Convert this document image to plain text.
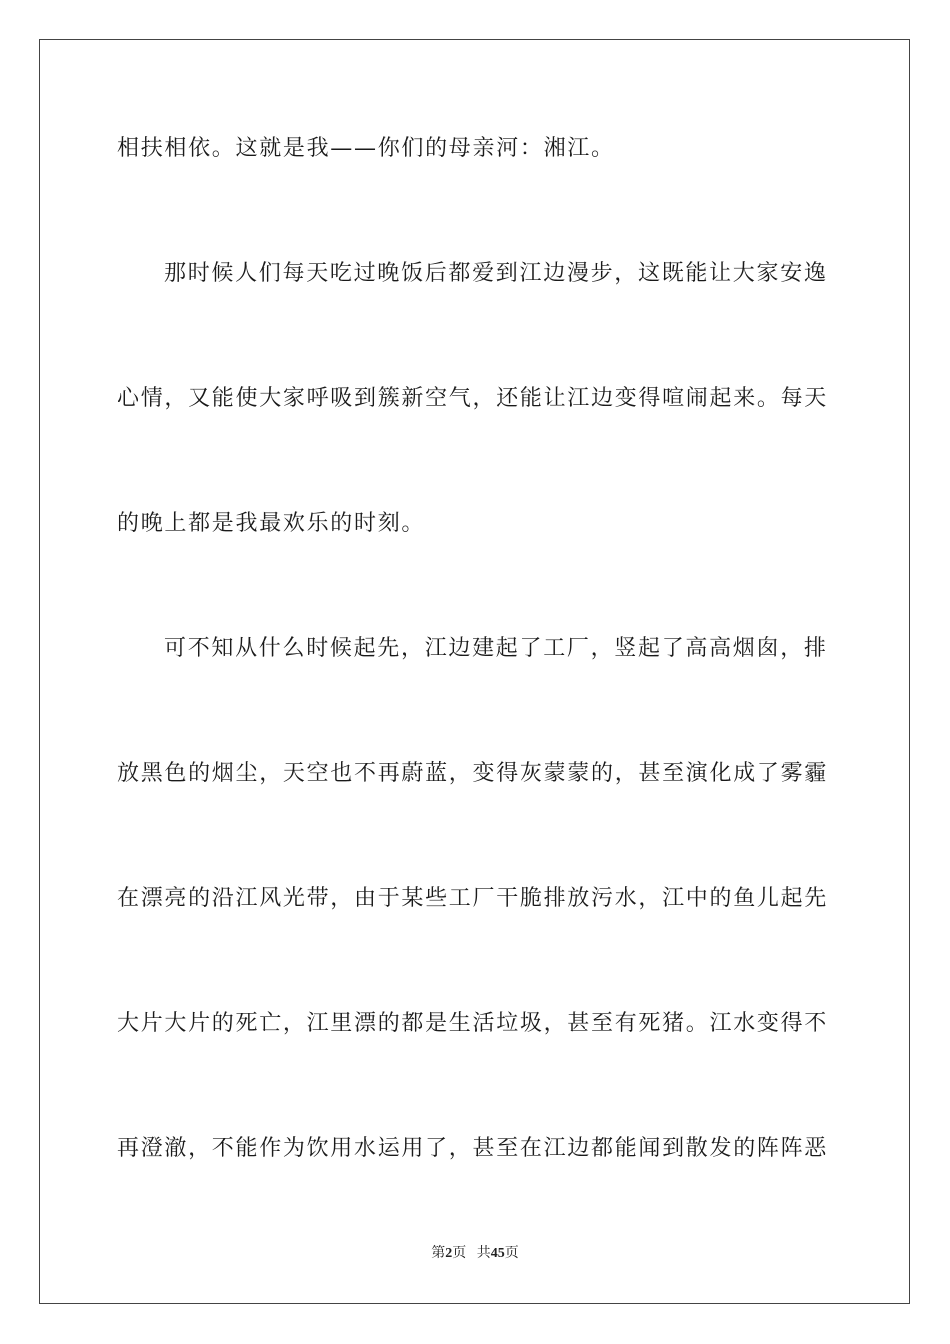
相扶相依。这就是我——你们的母亲河：湘江。
那时候人们每天吃过晚饭后都爱到江边漫步，这既能让大家安逸
心情，又能使大家呼吸到簇新空气，还能让江边变得喧闹起来。每天
的晚上都是我最欢乐的时刻。
可不知从什么时候起先，江边建起了工厂，竖起了高高烟囱，排
放黑色的烟尘，天空也不再蔚蓝，变得灰蒙蒙的，甚至演化成了雾霾
在漂亮的沿江风光带，由于某些工厂干脆排放污水，江中的鱼儿起先
大片大片的死亡，江里漂的都是生活垃圾，甚至有死猪。江水变得不
再澄澈，不能作为饮用水运用了，甚至在江边都能闻到散发的阵阵恶
第2页 共45页
